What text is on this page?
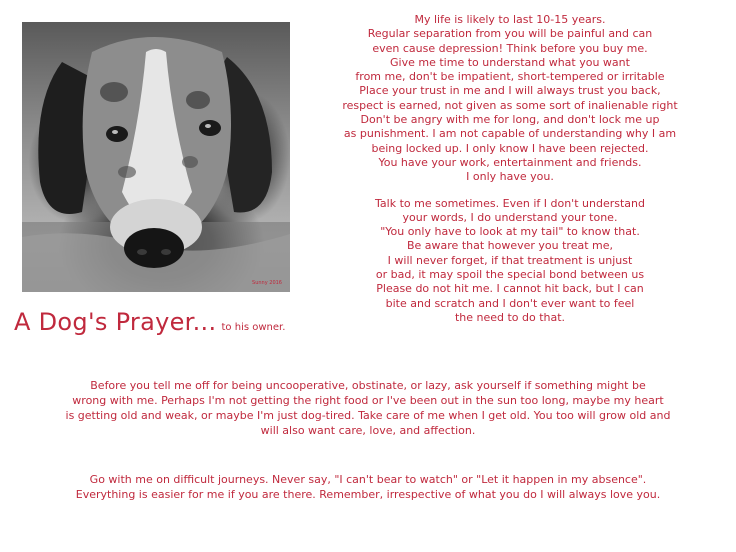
Sunny 2016
A Dog's Prayer... to his owner.
My life is likely to last 10-15 years.
Regular separation from you will be painful and can
even cause depression! Think before you buy me.
Give me time to understand what you want
from me, don't be impatient, short-tempered or irritable
Place your trust in me and I will always trust you back,
respect is earned, not given as some sort of inalienable right
Don't be angry with me for long, and don't lock me up
as punishment. I am not capable of understanding why I am
being locked up. I only know I have been rejected.
You have your work, entertainment and friends.
I only have you.
Talk to me sometimes. Even if I don't understand
your words, I do understand your tone.
"You only have to look at my tail" to know that.
Be aware that however you treat me,
I will never forget, if that treatment is unjust
or bad, it may spoil the special bond between us
Please do not hit me. I cannot hit back, but I can
bite and scratch and I don't ever want to feel
the need to do that.
Before you tell me off for being uncooperative, obstinate, or lazy, ask yourself if something might be
wrong with me. Perhaps I'm not getting the right food or I've been out in the sun too long, maybe my heart
is getting old and weak, or maybe I'm just dog-tired. Take care of me when I get old. You too will grow old and
will also want care, love, and affection.
Go with me on difficult journeys. Never say, "I can't bear to watch" or "Let it happen in my absence".
Everything is easier for me if you are there. Remember, irrespective of what you do I will always love you.
